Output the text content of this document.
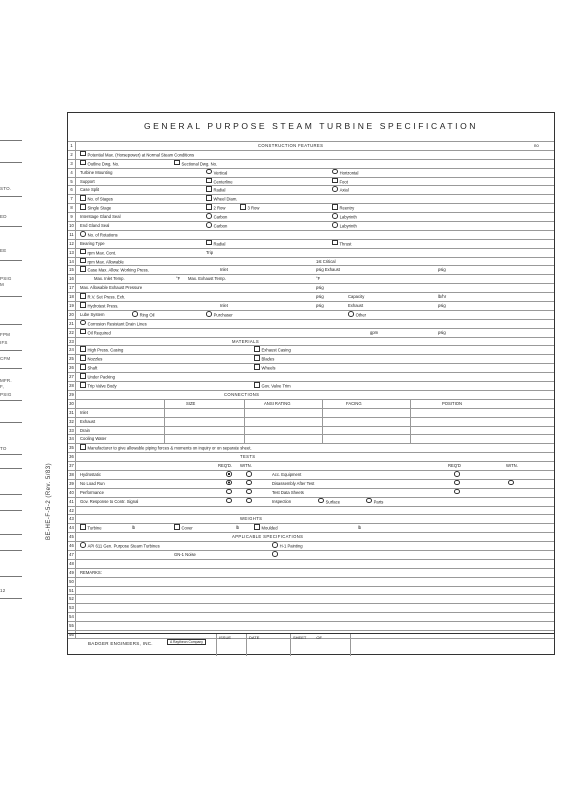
STO.
ED
EE
PSIG
M
FPM
IFS
CFM
MFR.
F,
PSIG
TO
12
BE-HE-F-5-2 (Rev. 5/83)
GENERAL PURPOSE STEAM TURBINE SPECIFICATION
1	CONSTRUCTION FEATURES	no
2	Potential Max. (Horsepower) at Normal Steam Conditions
3	Outline Dwg. No.	Sectional Dwg. No.
4	Turbine Mounting	Vertical	Horizontal
5	Support	Centerline	Foot
6	Case Split	Radial	Axial
7	No. of Stages	Wheel Diam.
8	Single Stage	2 Row	3 Row	Reentry
9	Interstage Gland Seal	Carbon	Labyrinth
10	End Gland Seal	Carbon	Labyrinth
11	No. of Rotations
12	Bearing Type	Radial	Thrust
13	rpm Max. Cont.	Trip
14	rpm Max. Allowable	1st Critical
15	Case Max. Allow. Working Press.	Inlet	psig Exhaust	psig
16	Max. Inlet Temp.	°F Max. Exhaust Temp.	°F
17	Max. Allowable Exhaust Pressure	psig
18	R.V. Set Press. Exh.	psig	Capacity	lb/hr
19	Hydrotest Press.	Inlet	psig	Exhaust	psig
20	Lube System	Ring Oil	Purchaser	Other
21	Corrosion Resistant Drain Lines
22	Oil Required	gpm	psig
23	MATERIALS
24	High Press. Casing	Exhaust Casing
25	Nozzles	Blades
26	Shaft	Wheels
27	Under Packing
28	Trip Valve Body	Gov. Valve Trim
29	CONNECTIONS
30	SIZE	ANSI RATING	FACING	POSITION
31	Inlet
32	Exhaust
33	Drain
34	Cooling Water
35	Manufacturer to give allowable piping forces & moments on inquiry or on separate sheet.
36	TESTS
37	REQ'D. WITN.	REQ'D	WITN.
38	Hydrostatic	Acc. Equipment
39	No Load Run	Disassembly After Test
40	Performance	Test Data Sheets
41	Gov. Response to Contr. Signal	Inspection	Surface	Parts
42
43	WEIGHTS
44	Turbine	lb	Cover	lb	Moulded	lb
45	APPLICABLE SPECIFICATIONS
46	API 611 Gen. Purpose Steam Turbines	H-1 Painting
47	GN-1 Noise
48
49	REMARKS:
50
51
52
53
54
55
56
BADGER ENGINEERS, INC.	A Raytheon Company
ISSUE	DATE	SHEET	OF
